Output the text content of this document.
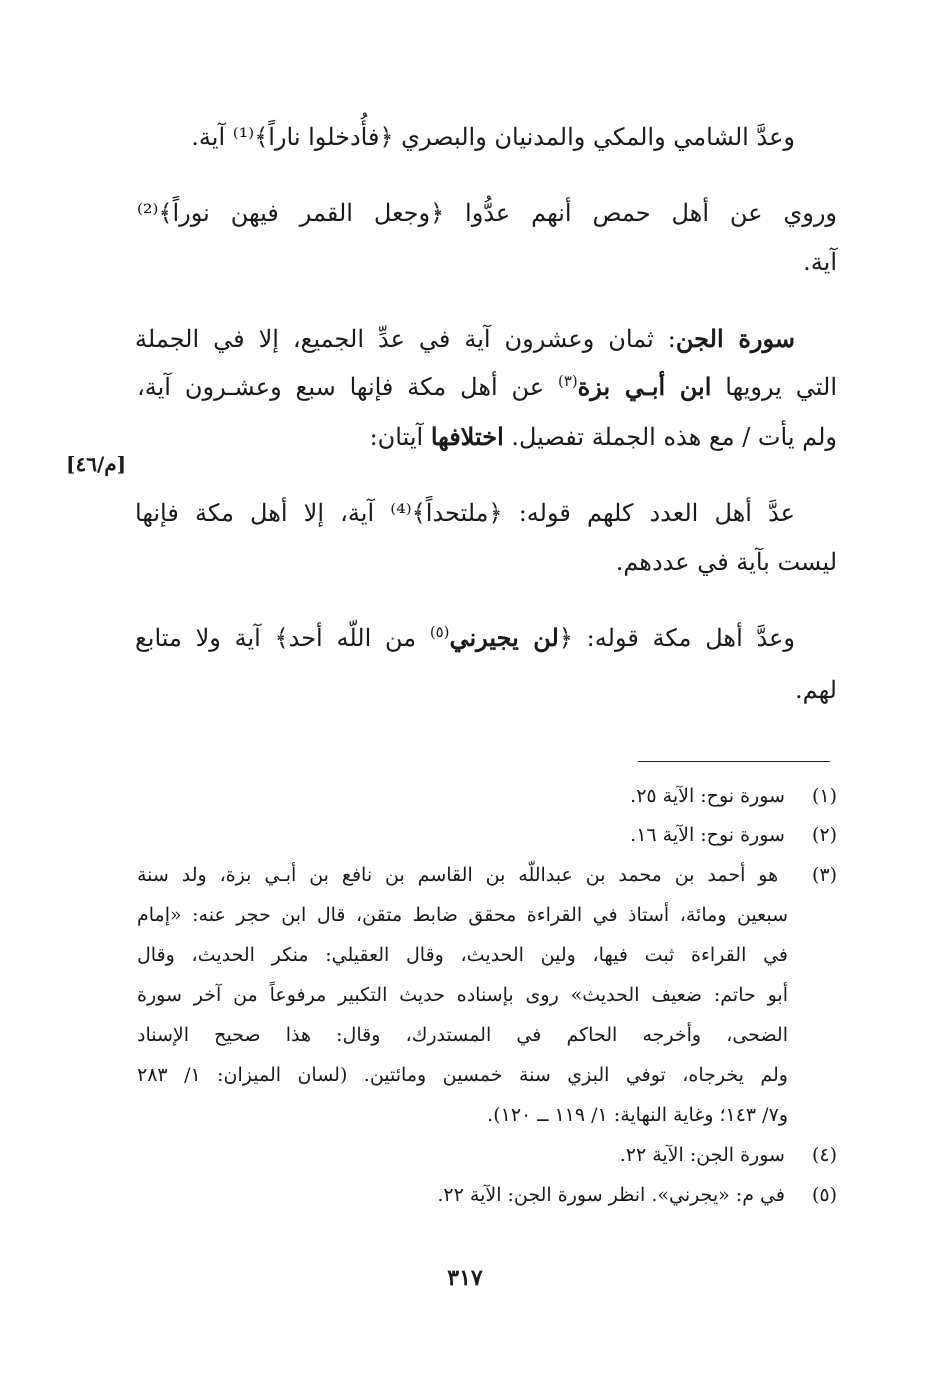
وعدَّ الشامي والمكي والمدنيان والبصري ﴿فأُدخلوا ناراً﴾⁽¹⁾ آية.

وروي عن أهل حمص أنهم عدُّوا ﴿وجعل القمر فيهن نوراً﴾⁽²⁾

آية.

سورة الجن: ثمان وعشرون آية في عدِّ الجميع، إلا في الجملة

التي يرويها ابن أبـي بزة$^{(٣)}$ عن أهل مكة فإنها سبع وعشـرون آية،

ولم يأت / مع هذه الجملة تفصيل. اختلافها آيتان:

[م/٤٦]

عدَّ أهل العدد كلهم قوله: ﴿ملتحداً﴾⁽⁴⁾ آية، إلا أهل مكة فإنها

ليست بآية في عددهم.

وعدَّ أهل مكة قوله: ﴿لن يجيرني$^{(٥)}$ من اللّه أحد﴾ آية ولا متابع

لهم.

(١) سورة نوح: الآية ٢٥.

(٢) سورة نوح: الآية ١٦.

(٣) هو أحمد بن محمد بن عبداللّه بن القاسم بن نافع بن أبـي بزة، ولد سنة

سبعين ومائة، أستاذ في القراءة محقق ضابط متقن، قال ابن حجر عنه: «إمام

في القراءة ثبت فيها، ولين الحديث، وقال العقيلي: منكر الحديث، وقال

أبو حاتم: ضعيف الحديث» روى بإسناده حديث التكبير مرفوعاً من آخر سورة

الضحى، وأخرجه الحاكم في المستدرك، وقال: هذا صحيح الإسناد

ولم يخرجاه، توفي البزي سنة خمسين ومائتين. (لسان الميزان: ١/ ٢٨٣

و٧/ ١٤٣؛ وغاية النهاية: ١/ ١١٩ ــ ١٢٠).

(٤) سورة الجن: الآية ٢٢.

(٥) في م: «يجرني». انظر سورة الجن: الآية ٢٢.

٣١٧
